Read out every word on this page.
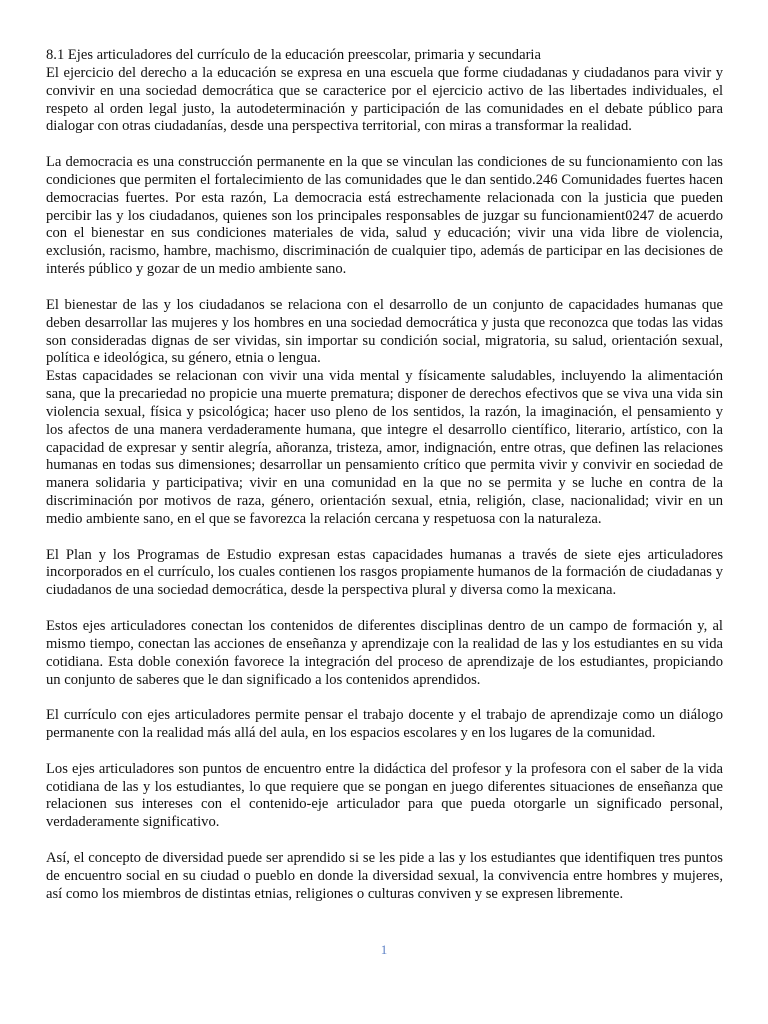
8.1 Ejes articuladores del currículo de la educación preescolar, primaria y secundaria

El ejercicio del derecho a la educación se expresa en una escuela que forme ciudadanas y ciudadanos para vivir y convivir en una sociedad democrática que se caracterice por el ejercicio activo de las libertades individuales, el respeto al orden legal justo, la autodeterminación y participación de las comunidades en el debate público para dialogar con otras ciudadanías, desde una perspectiva territorial, con miras a transformar la realidad.

La democracia es una construcción permanente en la que se vinculan las condiciones de su funcionamiento con las condiciones que permiten el fortalecimiento de las comunidades que le dan sentido.246 Comunidades fuertes hacen democracias fuertes. Por esta razón, La democracia está estrechamente relacionada con la justicia que pueden percibir las y los ciudadanos, quienes son los principales responsables de juzgar su funcionamient0247 de acuerdo con el bienestar en sus condiciones materiales de vida, salud y educación; vivir una vida libre de violencia, exclusión, racismo, hambre, machismo, discriminación de cualquier tipo, además de participar en las decisiones de interés público y gozar de un medio ambiente sano.

El bienestar de las y los ciudadanos se relaciona con el desarrollo de un conjunto de capacidades humanas que deben desarrollar las mujeres y los hombres en una sociedad democrática y justa que reconozca que todas las vidas son consideradas dignas de ser vividas, sin importar su condición social, migratoria, su salud, orientación sexual, política e ideológica, su género, etnia o lengua.

Estas capacidades se relacionan con vivir una vida mental y físicamente saludables, incluyendo la alimentación sana, que la precariedad no propicie una muerte prematura; disponer de derechos efectivos que se viva una vida sin violencia sexual, física y psicológica; hacer uso pleno de los sentidos, la razón, la imaginación, el pensamiento y los afectos de una manera verdaderamente humana, que integre el desarrollo científico, literario, artístico, con la capacidad de expresar y sentir alegría, añoranza, tristeza, amor, indignación, entre otras, que definen las relaciones humanas en todas sus dimensiones; desarrollar un pensamiento crítico que permita vivir y convivir en sociedad de manera solidaria y participativa; vivir en una comunidad en la que no se permita y se luche en contra de la discriminación por motivos de raza, género, orientación sexual, etnia, religión, clase, nacionalidad; vivir en un medio ambiente sano, en el que se favorezca la relación cercana y respetuosa con la naturaleza.

El Plan y los Programas de Estudio expresan estas capacidades humanas a través de siete ejes articuladores incorporados en el currículo, los cuales contienen los rasgos propiamente humanos de la formación de ciudadanas y ciudadanos de una sociedad democrática, desde la perspectiva plural y diversa como la mexicana.

Estos ejes articuladores conectan los contenidos de diferentes disciplinas dentro de un campo de formación y, al mismo tiempo, conectan las acciones de enseñanza y aprendizaje con la realidad de las y los estudiantes en su vida cotidiana. Esta doble conexión favorece la integración del proceso de aprendizaje de los estudiantes, propiciando un conjunto de saberes que le dan significado a los contenidos aprendidos.

El currículo con ejes articuladores permite pensar el trabajo docente y el trabajo de aprendizaje como un diálogo permanente con la realidad más allá del aula, en los espacios escolares y en los lugares de la comunidad.

Los ejes articuladores son puntos de encuentro entre la didáctica del profesor y la profesora con el saber de la vida cotidiana de las y los estudiantes, lo que requiere que se pongan en juego diferentes situaciones de enseñanza que relacionen sus intereses con el contenido-eje articulador para que pueda otorgarle un significado personal, verdaderamente significativo.

Así, el concepto de diversidad puede ser aprendido si se les pide a las y los estudiantes que identifiquen tres puntos de encuentro social en su ciudad o pueblo en donde la diversidad sexual, la convivencia entre hombres y mujeres, así como los miembros de distintas etnias, religiones o culturas conviven y se expresen libremente.

1
